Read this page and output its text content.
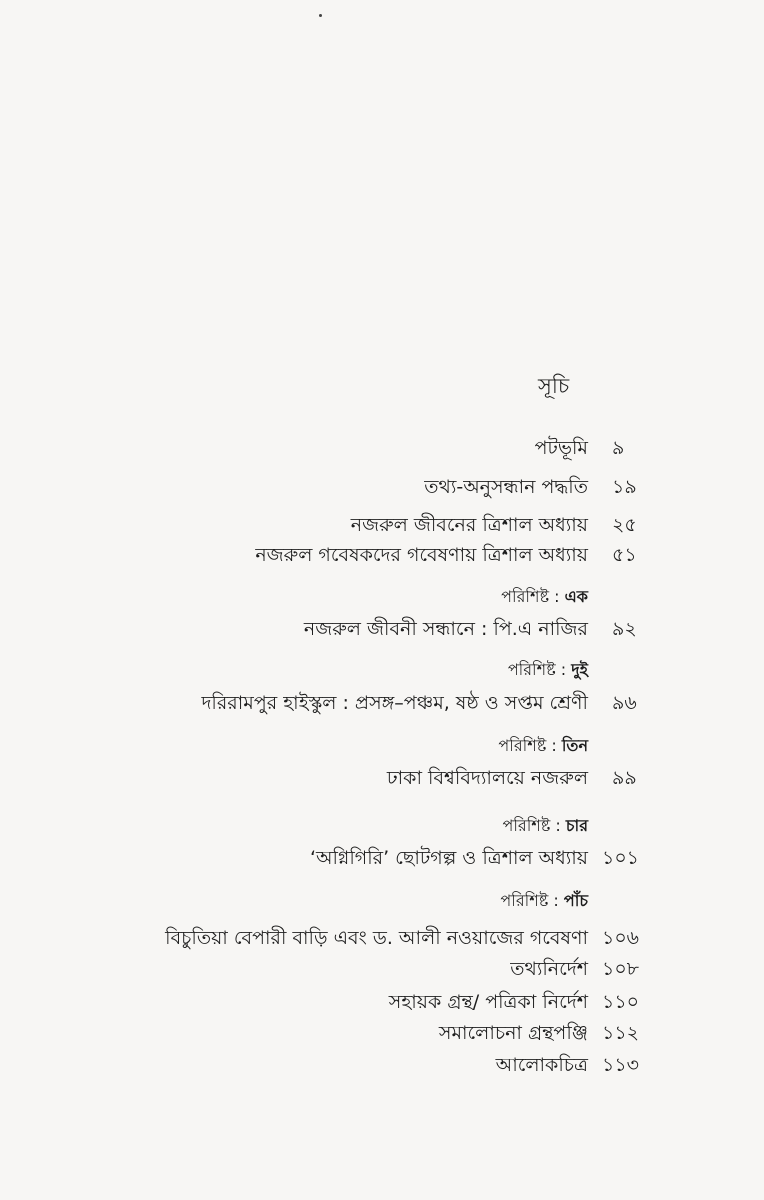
সূচি
পটভূমি ৯
তথ্য-অনুসন্ধান পদ্ধতি ১৯
নজরুল জীবনের ত্রিশাল অধ্যায় ২৫
নজরুল গবেষকদের গবেষণায় ত্রিশাল অধ্যায় ৫১
পরিশিষ্ট : এক
নজরুল জীবনী সন্ধানে : পি.এ নাজির ৯২
পরিশিষ্ট : দুই
দরিরামপুর হাইস্কুল : প্রসঙ্গ–পঞ্চম, ষষ্ঠ ও সপ্তম শ্রেণী ৯৬
পরিশিষ্ট : তিন
ঢাকা বিশ্ববিদ্যালয়ে নজরুল ৯৯
পরিশিষ্ট : চার
‘অগ্নিগিরি’ ছোটগল্প ও ত্রিশাল অধ্যায় ১০১
পরিশিষ্ট : পাঁচ
বিচুতিয়া বেপারী বাড়ি এবং ড. আলী নওয়াজের গবেষণা ১০৬
তথ্যনির্দেশ ১০৮
সহায়ক গ্রন্থ/ পত্রিকা নির্দেশ ১১০
সমালোচনা গ্রন্থপঞ্জি ১১২
আলোকচিত্র ১১৩
